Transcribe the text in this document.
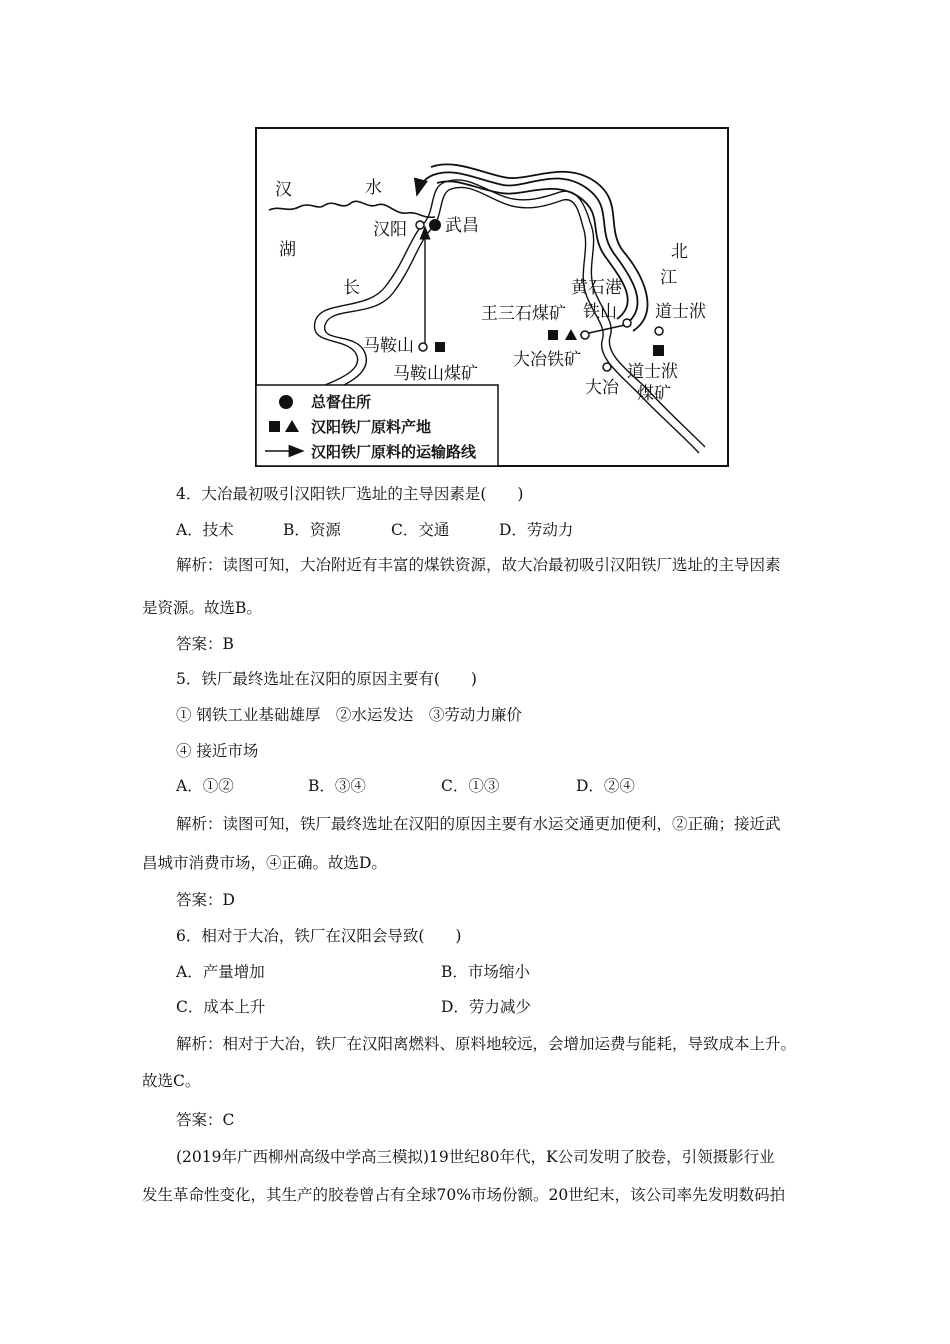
汉	水
湖
汉阳 武昌
长
北
江
黄石港
铁山
王三石煤矿	道士洑
马鞍山
马鞍山煤矿
大冶铁矿
大冶
道士洑
煤矿
总督住所
汉阳铁厂原料产地
汉阳铁厂原料的运输路线
4．大冶最初吸引汉阳铁厂选址的主导因素是(　　)
A．技术	B．资源	C．交通	D．劳动力
解析：读图可知，大冶附近有丰富的煤铁资源，故大冶最初吸引汉阳铁厂选址的主导因素
是资源。故选B。
答案：B
5．铁厂最终选址在汉阳的原因主要有(　　)
① 钢铁工业基础雄厚　②水运发达　③劳动力廉价
④ 接近市场
A．①②	B．③④	C．①③	D．②④
解析：读图可知，铁厂最终选址在汉阳的原因主要有水运交通更加便利，②正确；接近武
昌城市消费市场，④正确。故选D。
答案：D
6．相对于大冶，铁厂在汉阳会导致(　　)
A．产量增加	B．市场缩小
C．成本上升	D．劳力减少
解析：相对于大冶，铁厂在汉阳离燃料、原料地较远，会增加运费与能耗，导致成本上升。
故选C。
答案：C
(2019年广西柳州高级中学高三模拟)19世纪80年代，K公司发明了胶卷，引领摄影行业
发生革命性变化，其生产的胶卷曾占有全球70%市场份额。20世纪末，该公司率先发明数码拍
